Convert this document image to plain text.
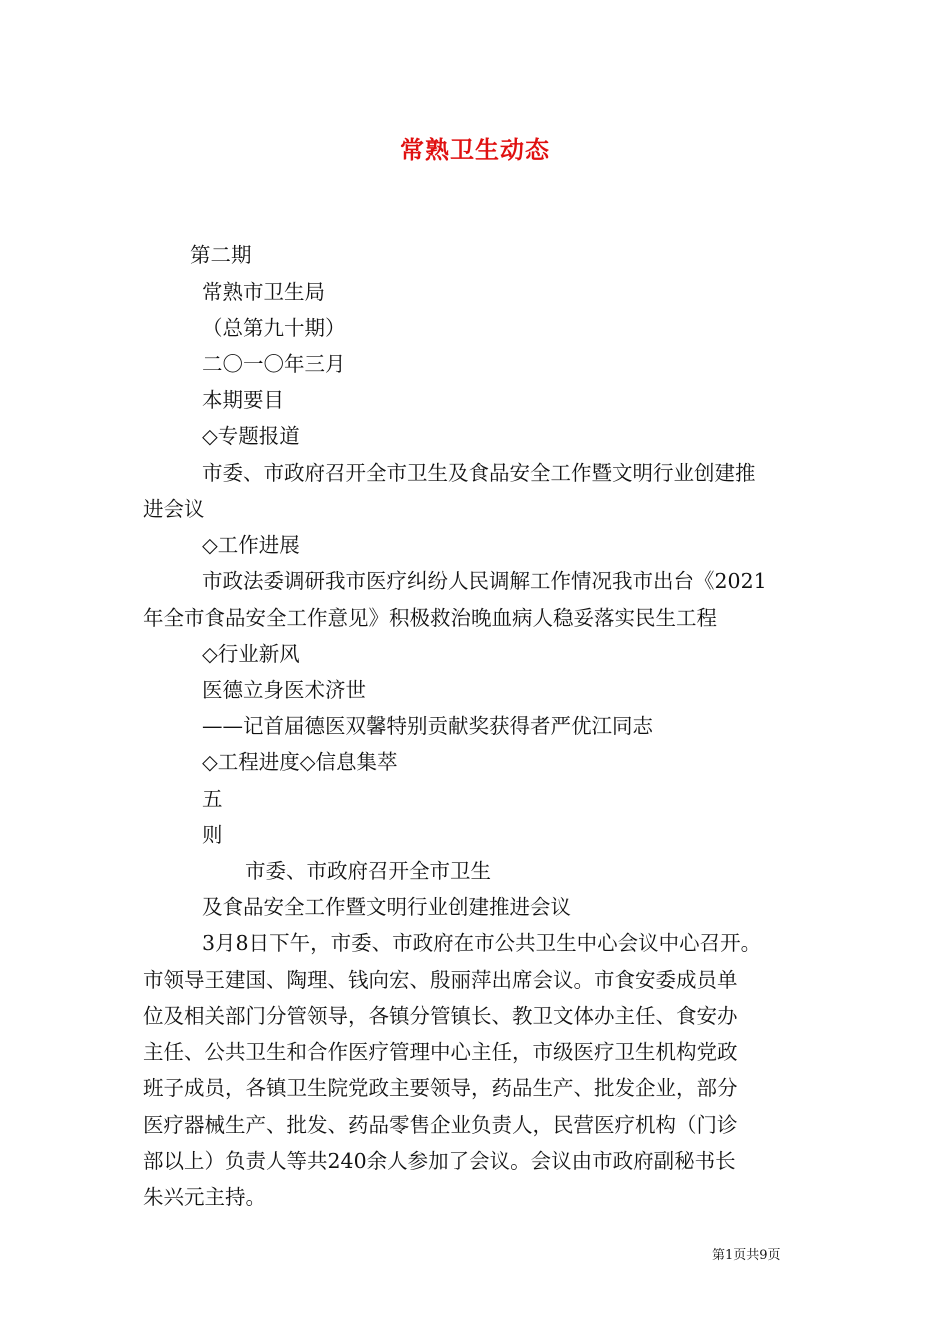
常熟卫生动态
第二期
常熟市卫生局
（总第九十期）
二〇一〇年三月
本期要目
◇专题报道
市委、市政府召开全市卫生及食品安全工作暨文明行业创建推
进会议
◇工作进展
市政法委调研我市医疗纠纷人民调解工作情况我市出台《2021
年全市食品安全工作意见》积极救治晚血病人稳妥落实民生工程
◇行业新风
医德立身医术济世
——记首届德医双馨特别贡献奖获得者严优江同志
◇工程进度◇信息集萃
五
则
市委、市政府召开全市卫生
及食品安全工作暨文明行业创建推进会议
3月8日下午，市委、市政府在市公共卫生中心会议中心召开。
市领导王建国、陶理、钱向宏、殷丽萍出席会议。市食安委成员单
位及相关部门分管领导，各镇分管镇长、教卫文体办主任、食安办
主任、公共卫生和合作医疗管理中心主任，市级医疗卫生机构党政
班子成员，各镇卫生院党政主要领导，药品生产、批发企业，部分
医疗器械生产、批发、药品零售企业负责人，民营医疗机构（门诊
部以上）负责人等共240余人参加了会议。会议由市政府副秘书长
朱兴元主持。
第1页共9页
